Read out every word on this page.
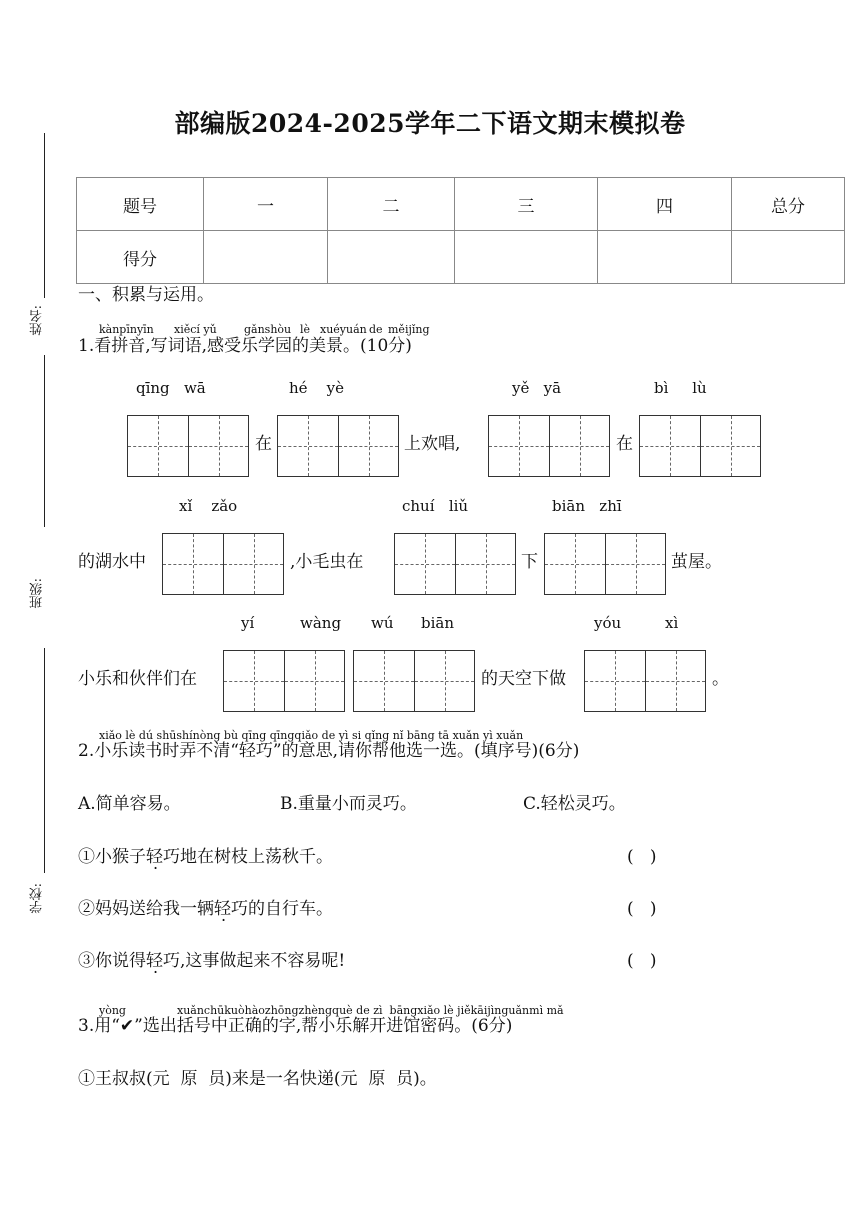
部编版2024-2025学年二下语文期末模拟卷
姓名:
班级:
学校:
题号	一	二	三	四	总分
得分					
一、积累与运用。
kànpīnyīn xiěcí yǔ gǎnshòu lè xuéyuán de měijǐng
1.看拼音,写词语,感受乐学园的美景。(10分)
qīng   wā	hé    yè	yě   yā	bì     lù
在	上欢唱,	在
xǐ    zǎo	chuí   liǔ	biān   zhī
的湖水中	,小毛虫在	下	茧屋。
yí	wàng wú biān	yóu	xì
小乐和伙伴们在	的天空下做	。
xiǎo lè dú shūshínòng bù qīng qīngqiǎo de yì si qǐng nǐ bāng tā xuǎn yì xuǎn
2.小乐读书时弄不清“轻巧”的意思,请你帮他选一选。(填序号)(6分)
A.简单容易。	B.重量小而灵巧。	C.轻松灵巧。
①小猴子轻巧地在树枝上荡秋千。	(   )
②妈妈送给我一辆轻巧的自行车。	(   )
③你说得轻巧,这事做起来不容易呢!	(   )
yòng	xuǎnchūkuòhàozhōngzhèngquè de zì  bāngxiǎo lè jiěkāijìnguǎnmì mǎ
3.用“✔”选出括号中正确的字,帮小乐解开进馆密码。(6分)
①王叔叔(元  原  员)来是一名快递(元  原  员)。
